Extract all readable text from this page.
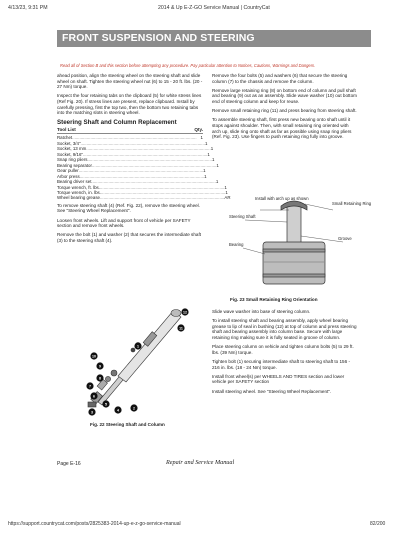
4/13/23, 9:31 PM	2014 & Up E-Z-GO Service Manual | CountryCat
FRONT SUSPENSION AND STEERING
Read all of Section B and this section before attempting any procedure. Pay particular attention to Notices, Cautions, Warnings and Dangers.

ahead position, align the steering wheel on the steering shaft and slide wheel on shaft. Tighten the steering wheel nut (6) to 15 - 20 ft. lbs. (20 - 27 Nm) torque.

Inspect the four retaining tabs on the clipboard (5) for white stress lines (Ref Fig. 20). If stress lines are present, replace clipboard. Install by carefully pressing, first the top two, then the bottom two retaining tabs into the matching slots in steering wheel.

Steering Shaft and Column Replacement
Tool List	Qty.
Ratchet .....	1
Socket, 3/4" .....	1
Socket, 13 mm .....	1
Socket, 9/16" .....	1
Snap ring pliers .....	1
Bearing separator .....	1
Gear puller .....	1
Arbor press .....	1
Bearing driver set .....	1
Torque wrench, ft. lbs. .....	1
Torque wrench, in. lbs. .....	1
Wheel bearing grease .....	AR

To remove steering shaft (4) (Ref. Fig. 22), remove the steering wheel. See "Steering Wheel Replacement".

Loosen front wheels. Lift and support front of vehicle per SAFETY section and remove front wheels.

Remove the bolt (1) and washer (2) that secures the intermediate shaft (3) to the steering shaft (4).

12
11
10
9
8
7
6
5
4
3
2
1
Fig. 22 Steering Shaft and Column

Remove the four bolts (5) and washers (6) that secure the steering column (7) to the chassis and remove the column.

Remove large retaining ring (8) on bottom end of column and pull shaft and bearing (9) out as an assembly. Slide wave washer (10) out bottom end of steering column and keep for reuse.

Remove small retaining ring (11) and press bearing from steering shaft.

To assemble steering shaft, first press new bearing onto shaft until it stops against shoulder. Then, with small retaining ring oriented with arch up, slide ring onto shaft as far as possible using snap ring pliers (Ref. Fig. 23). Use fingers to push retaining ring fully into groove.

Install with arch up as shown
Small Retaining Ring
Steering Shaft
Bearing
Groove
Fig. 23 Small Retaining Ring Orientation

Slide wave washer into base of steering column.

To install steering shaft and bearing assembly, apply wheel bearing grease to lip of seal in bushing (12) at top of column and press steering shaft and bearing assembly into column base. Secure with large retaining ring making sure it is fully seated in groove of column.

Place steering column on vehicle and tighten column bolts (5) to 29 ft. lbs. (39 Nm) torque.

Tighten bolt (1) securing intermediate shaft to steering shaft to 156 - 216 in. lbs. (18 - 24 Nm) torque.

Install front wheel(s) per WHEELS AND TIRES section and lower vehicle per SAFETY section

Install steering wheel. See "Steering Wheel Replacement".

Page E-16	Repair and Service Manual
https://support.countrycat.com/posts/2825383-2014-up-e-z-go-service-manual	82/200
